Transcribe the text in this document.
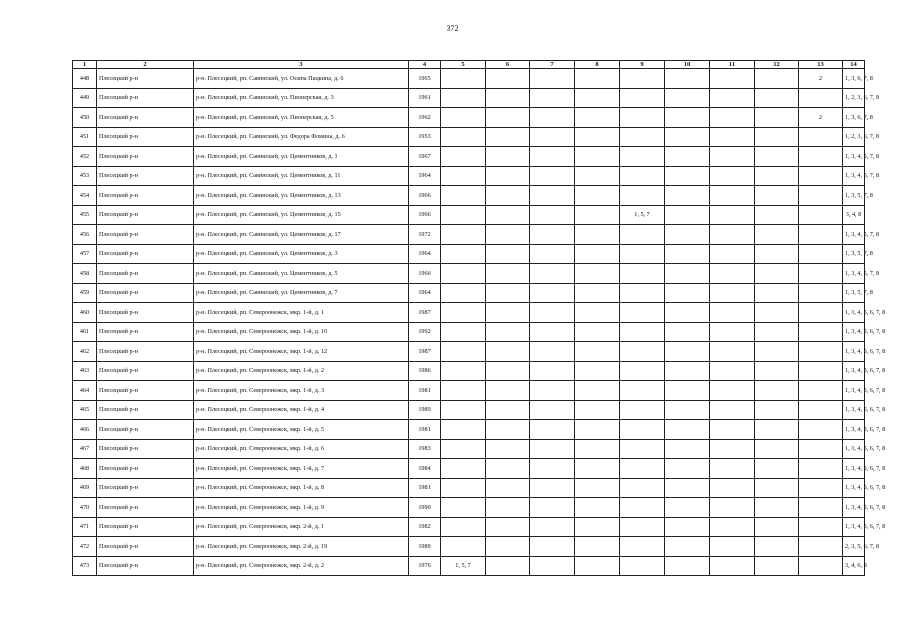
372
1	2	3	4	5	6	7	8	9	10	11	12	13	14
448	Плесецкий р-н	р-н. Плесецкий, рп. Савинский, ул. Осипа Пацкина, д. 6	1965									2	1, 3, 6, 7, 8
449	Плесецкий р-н	р-н. Плесецкий, рп. Савинский, ул. Пионерская, д. 3	1961										1, 2, 3, 6, 7, 8
450	Плесецкий р-н	р-н. Плесецкий, рп. Савинский, ул. Пионерская, д. 5	1962									2	1, 3, 6, 7, 8
451	Плесецкий р-н	р-н. Плесецкий, рп. Савинский, ул. Федора Фомина, д. 6	1953										1, 2, 3, 6, 7, 8
452	Плесецкий р-н	р-н. Плесецкий, рп. Савинский, ул. Цементников, д. 1	1967										1, 3, 4, 5, 7, 8
453	Плесецкий р-н	р-н. Плесецкий, рп. Савинский, ул. Цементников, д. 11	1964										1, 3, 4, 5, 7, 8
454	Плесецкий р-н	р-н. Плесецкий, рп. Савинский, ул. Цементников, д. 13	1966										1, 3, 5, 7, 8
455	Плесецкий р-н	р-н. Плесецкий, рп. Савинский, ул. Цементников, д. 15	1966					1, 5, 7					3, 4, 8
456	Плесецкий р-н	р-н. Плесецкий, рп. Савинский, ул. Цементников, д. 17	1972										1, 3, 4, 5, 7, 8
457	Плесецкий р-н	р-н. Плесецкий, рп. Савинский, ул. Цементников, д. 3	1964										1, 3, 5, 7, 8
458	Плесецкий р-н	р-н. Плесецкий, рп. Савинский, ул. Цементников, д. 5	1966										1, 3, 4, 5, 7, 8
459	Плесецкий р-н	р-н. Плесецкий, рп. Савинский, ул. Цементников, д. 7	1964										1, 3, 5, 7, 8
460	Плесецкий р-н	р-н. Плесецкий, рп. Североонежск, мкр. 1-й, д. 1	1987										1, 3, 4, 5, 6, 7, 8
461	Плесецкий р-н	р-н. Плесецкий, рп. Североонежск, мкр. 1-й, д. 10	1992										1, 3, 4, 5, 6, 7, 8
462	Плесецкий р-н	р-н. Плесецкий, рп. Североонежск, мкр. 1-й, д. 12	1987										1, 3, 4, 5, 6, 7, 8
463	Плесецкий р-н	р-н. Плесецкий, рп. Североонежск, мкр. 1-й, д. 2	1986										1, 3, 4, 5, 6, 7, 8
464	Плесецкий р-н	р-н. Плесецкий, рп. Североонежск, мкр. 1-й, д. 3	1981										1, 3, 4, 5, 6, 7, 8
465	Плесецкий р-н	р-н. Плесецкий, рп. Североонежск, мкр. 1-й, д. 4	1989										1, 3, 4, 5, 6, 7, 8
466	Плесецкий р-н	р-н. Плесецкий, рп. Североонежск, мкр. 1-й, д. 5	1981										1, 3, 4, 5, 6, 7, 8
467	Плесецкий р-н	р-н. Плесецкий, рп. Североонежск, мкр. 1-й, д. 6	1983										1, 3, 4, 5, 6, 7, 8
468	Плесецкий р-н	р-н. Плесецкий, рп. Североонежск, мкр. 1-й, д. 7	1984										1, 3, 4, 5, 6, 7, 8
469	Плесецкий р-н	р-н. Плесецкий, рп. Североонежск, мкр. 1-й, д. 8	1981										1, 3, 4, 5, 6, 7, 8
470	Плесецкий р-н	р-н. Плесецкий, рп. Североонежск, мкр. 1-й, д. 9	1990										1, 3, 4, 5, 6, 7, 8
471	Плесецкий р-н	р-н. Плесецкий, рп. Североонежск, мкр. 2-й, д. 1	1982										1, 3, 4, 5, 6, 7, 8
472	Плесецкий р-н	р-н. Плесецкий, рп. Североонежск, мкр. 2-й, д. 19	1989										2, 3, 5, 6, 7, 8
473	Плесецкий р-н	р-н. Плесецкий, рп. Североонежск, мкр. 2-й, д. 2	1976	1, 5, 7									3, 4, 6, 8
